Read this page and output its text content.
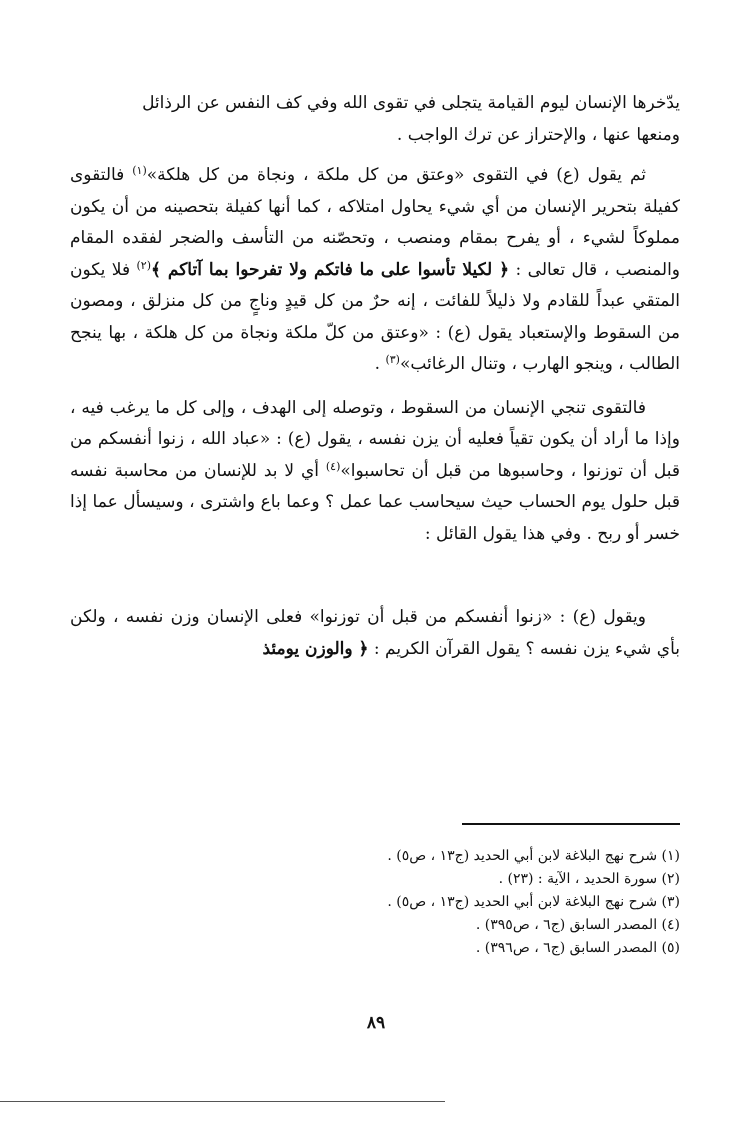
يدّخرها الإنسان ليوم القيامة يتجلى في تقوى الله وفي كف النفس عن الرذائل
ومنعها عنها ، والإحتراز عن ترك الواجب .

ثم يقول (ع) في التقوى «وعتق من كل ملكة ، ونجاة من كل هلكة»$^{(١)}$ فالتقوى كفيلة بتحرير الإنسان من أي شيء يحاول امتلاكه ، كما أنها كفيلة بتحصينه من أن يكون مملوكاً لشيء ، أو يفرح بمقام ومنصب ، وتحصّنه من التأسف والضجر لفقده المقام والمنصب ، قال تعالى : ﴿ لكيلا تأسوا على ما فاتكم ولا تفرحوا بما آتاكم ﴾$^{(٢)}$ فلا يكون المتقي عبداً للقادم ولا ذليلاً للفائت ، إنه حرٌ من كل قيدٍ وناجٍ من كل منزلق ، ومصون من السقوط والإستعباد يقول (ع) : «وعتق من كلّ ملكة ونجاة من كل هلكة ، بها ينجح الطالب ، وينجو الهارب ، وتنال الرغائب»$^{(٣)}$ .

فالتقوى تنجي الإنسان من السقوط ، وتوصله إلى الهدف ، وإلى كل ما يرغب فيه ، وإذا ما أراد أن يكون تقياً فعليه أن يزن نفسه ، يقول (ع) : «عباد الله ، زنوا أنفسكم من قبل أن توزنوا ، وحاسبوها من قبل أن تحاسبوا»$^{(٤)}$ أي لا بد للإنسان من محاسبة نفسه قبل حلول يوم الحساب حيث سيحاسب عما عمل ؟ وعما باع واشترى ، وسيسأل عما إذا خسر أو ربح . وفي هذا يقول القائل :

ويقول (ع) : «زنوا أنفسكم من قبل أن توزنوا» فعلى الإنسان وزن نفسه ، ولكن بأي شيء يزن نفسه ؟ يقول القرآن الكريم : ﴿ والوزن يومئذ

(١) شرح نهج البلاغة لابن أبي الحديد (ج١٣ ، ص٥) .

(٢) سورة الحديد ، الآية : (٢٣) .

(٣) شرح نهج البلاغة لابن أبي الحديد (ج١٣ ، ص٥) .

(٤) المصدر السابق (ج٦ ، ص٣٩٥) .

(٥) المصدر السابق (ج٦ ، ص٣٩٦) .

٨٩
